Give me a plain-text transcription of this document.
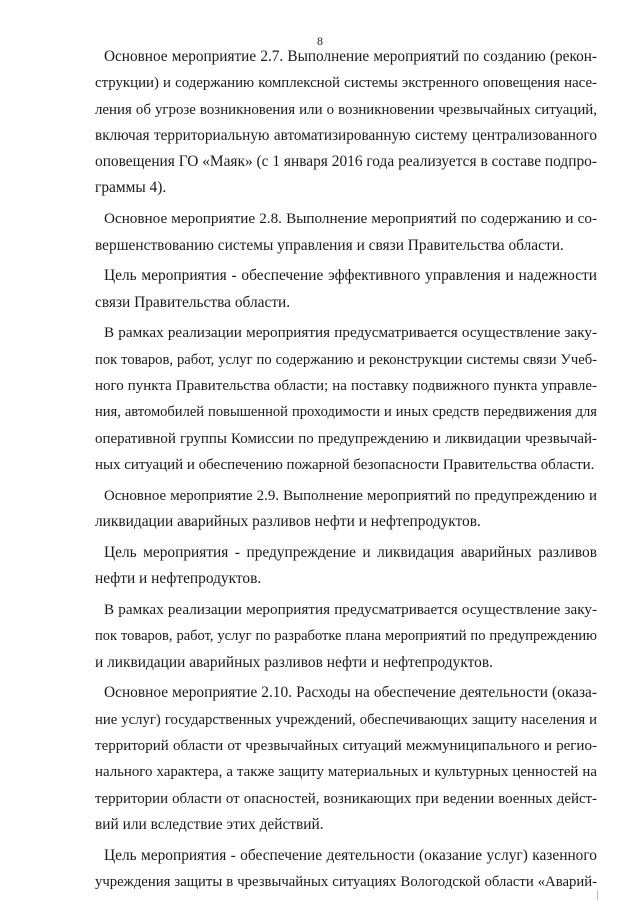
8
Основное мероприятие 2.7. Выполнение мероприятий по созданию (рекон-
струкции) и содержанию комплексной системы экстренного оповещения насе-
ления об угрозе возникновения или о возникновении чрезвычайных ситуаций,
включая территориальную автоматизированную систему централизованного
оповещения ГО «Маяк» (с 1 января 2016 года реализуется в составе подпро-
граммы 4).
Основное мероприятие 2.8. Выполнение мероприятий по содержанию и со-
вершенствованию системы управления и связи Правительства области.
Цель мероприятия - обеспечение эффективного управления и надежности
связи Правительства области.
В рамках реализации мероприятия предусматривается осуществление заку-
пок товаров, работ, услуг по содержанию и реконструкции системы связи Учеб-
ного пункта Правительства области; на поставку подвижного пункта управле-
ния, автомобилей повышенной проходимости и иных средств передвижения для
оперативной группы Комиссии по предупреждению и ликвидации чрезвычай-
ных ситуаций и обеспечению пожарной безопасности Правительства области.
Основное мероприятие 2.9. Выполнение мероприятий по предупреждению и
ликвидации аварийных разливов нефти и нефтепродуктов.
Цель мероприятия - предупреждение и ликвидация аварийных разливов
нефти и нефтепродуктов.
В рамках реализации мероприятия предусматривается осуществление заку-
пок товаров, работ, услуг по разработке плана мероприятий по предупреждению
и ликвидации аварийных разливов нефти и нефтепродуктов.
Основное мероприятие 2.10. Расходы на обеспечение деятельности (оказа-
ние услуг) государственных учреждений, обеспечивающих защиту населения и
территорий области от чрезвычайных ситуаций межмуниципального и регио-
нального характера, а также защиту материальных и культурных ценностей на
территории области от опасностей, возникающих при ведении военных дейст-
вий или вследствие этих действий.
Цель мероприятия - обеспечение деятельности (оказание услуг) казенного
учреждения защиты в чрезвычайных ситуациях Вологодской области «Аварий-
